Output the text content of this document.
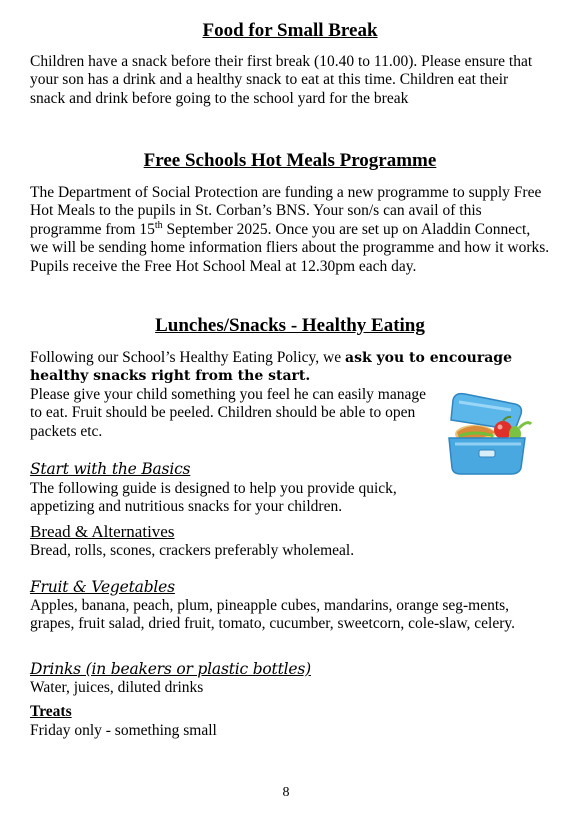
Food for Small Break

Children have a snack before their first break (10.40 to 11.00). Please ensure that your son has a drink and a healthy snack to eat at this time. Children eat their snack and drink before going to the school yard for the break

Free Schools Hot Meals Programme

The Department of Social Protection are funding a new programme to supply Free Hot Meals to the pupils in St. Corban’s BNS. Your son/s can avail of this programme from 15th September 2025. Once you are set up on Aladdin Connect, we will be sending home information fliers about the programme and how it works. Pupils receive the Free Hot School Meal at 12.30pm each day.

Lunches/Snacks - Healthy Eating

Following our School’s Healthy Eating Policy, we ask you to encourage healthy snacks right from the start.

Please give your child something you feel he can easily manage to eat. Fruit should be peeled. Children should be able to open packets etc.

Start with the Basics

The following guide is designed to help you provide quick, appetizing and nutritious snacks for your children.

Bread & Alternatives

Bread, rolls, scones, crackers preferably wholemeal.

Fruit & Vegetables

Apples, banana, peach, plum, pineapple cubes, mandarins, orange seg-ments, grapes, fruit salad, dried fruit, tomato, cucumber, sweetcorn, cole-slaw, celery.

Drinks (in beakers or plastic bottles)

Water, juices, diluted drinks

Treats

Friday only - something small

8
